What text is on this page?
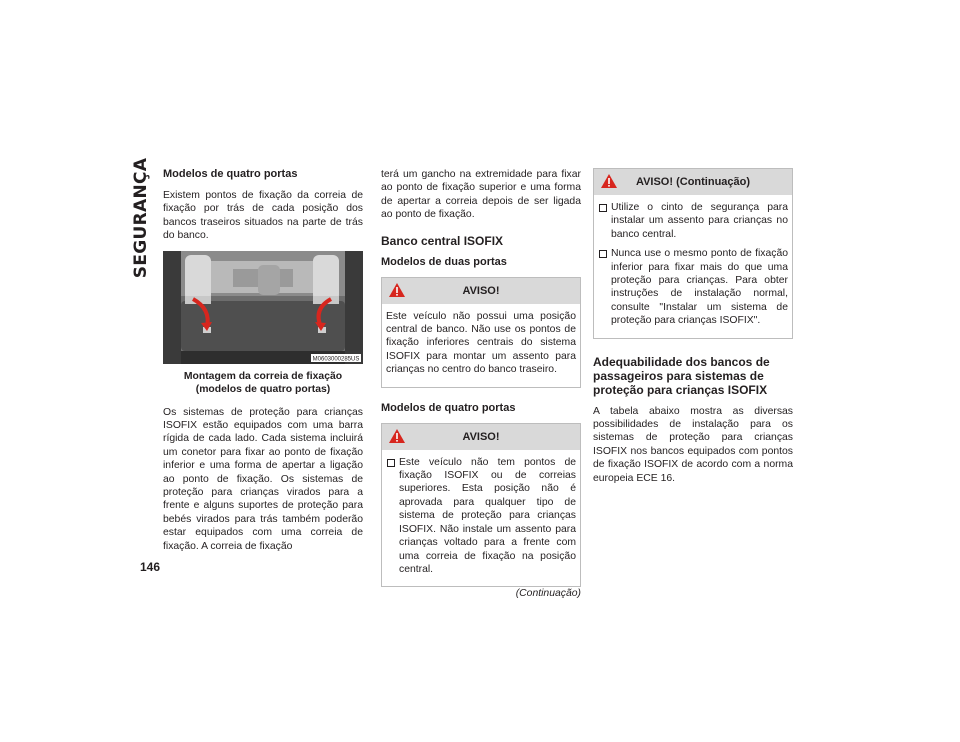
SEGURANÇA Modelos de quatro portas

Existem pontos de fixação da correia de fixação por trás de cada posição dos bancos traseiros situados na parte de trás do banco.

M0603000285US
Montagem da correia de fixação (modelos de quatro portas)

Os sistemas de proteção para crianças ISOFIX estão equipados com uma barra rígida de cada lado. Cada sistema incluirá um conetor para fixar ao ponto de fixação inferior e uma forma de apertar a ligação ao ponto de fixação. Os sistemas de proteção para crianças virados para a frente e alguns suportes de proteção para bebés virados para trás também poderão estar equipados com uma correia de fixação. A correia de fixação

terá um gancho na extremidade para fixar ao ponto de fixação superior e uma forma de apertar a correia depois de ser ligada ao ponto de fixação.

Banco central ISOFIX
Modelos de duas portas
AVISO!

Este veículo não possui uma posição central de banco. Não use os pontos de fixação inferiores centrais do sistema ISOFIX para montar um assento para crianças no centro do banco traseiro.

Modelos de quatro portas
AVISO!
Este veículo não tem pontos de fixação ISOFIX ou de correias superiores. Esta posição não é aprovada para qualquer tipo de sistema de proteção para crianças ISOFIX. Não instale um assento para crianças voltado para a frente com uma correia de fixação na posição central.
(Continuação)
AVISO! (Continuação)
Utilize o cinto de segurança para instalar um assento para crianças no banco central.
Nunca use o mesmo ponto de fixação inferior para fixar mais do que uma proteção para crianças. Para obter instruções de instalação normal, consulte "Instalar um sistema de proteção para crianças ISOFIX".
Adequabilidade dos bancos de passageiros para sistemas de proteção para crianças ISOFIX

A tabela abaixo mostra as diversas possibilidades de instalação para os sistemas de proteção para crianças ISOFIX nos bancos equipados com pontos de fixação ISOFIX de acordo com a norma europeia ECE 16.

146
